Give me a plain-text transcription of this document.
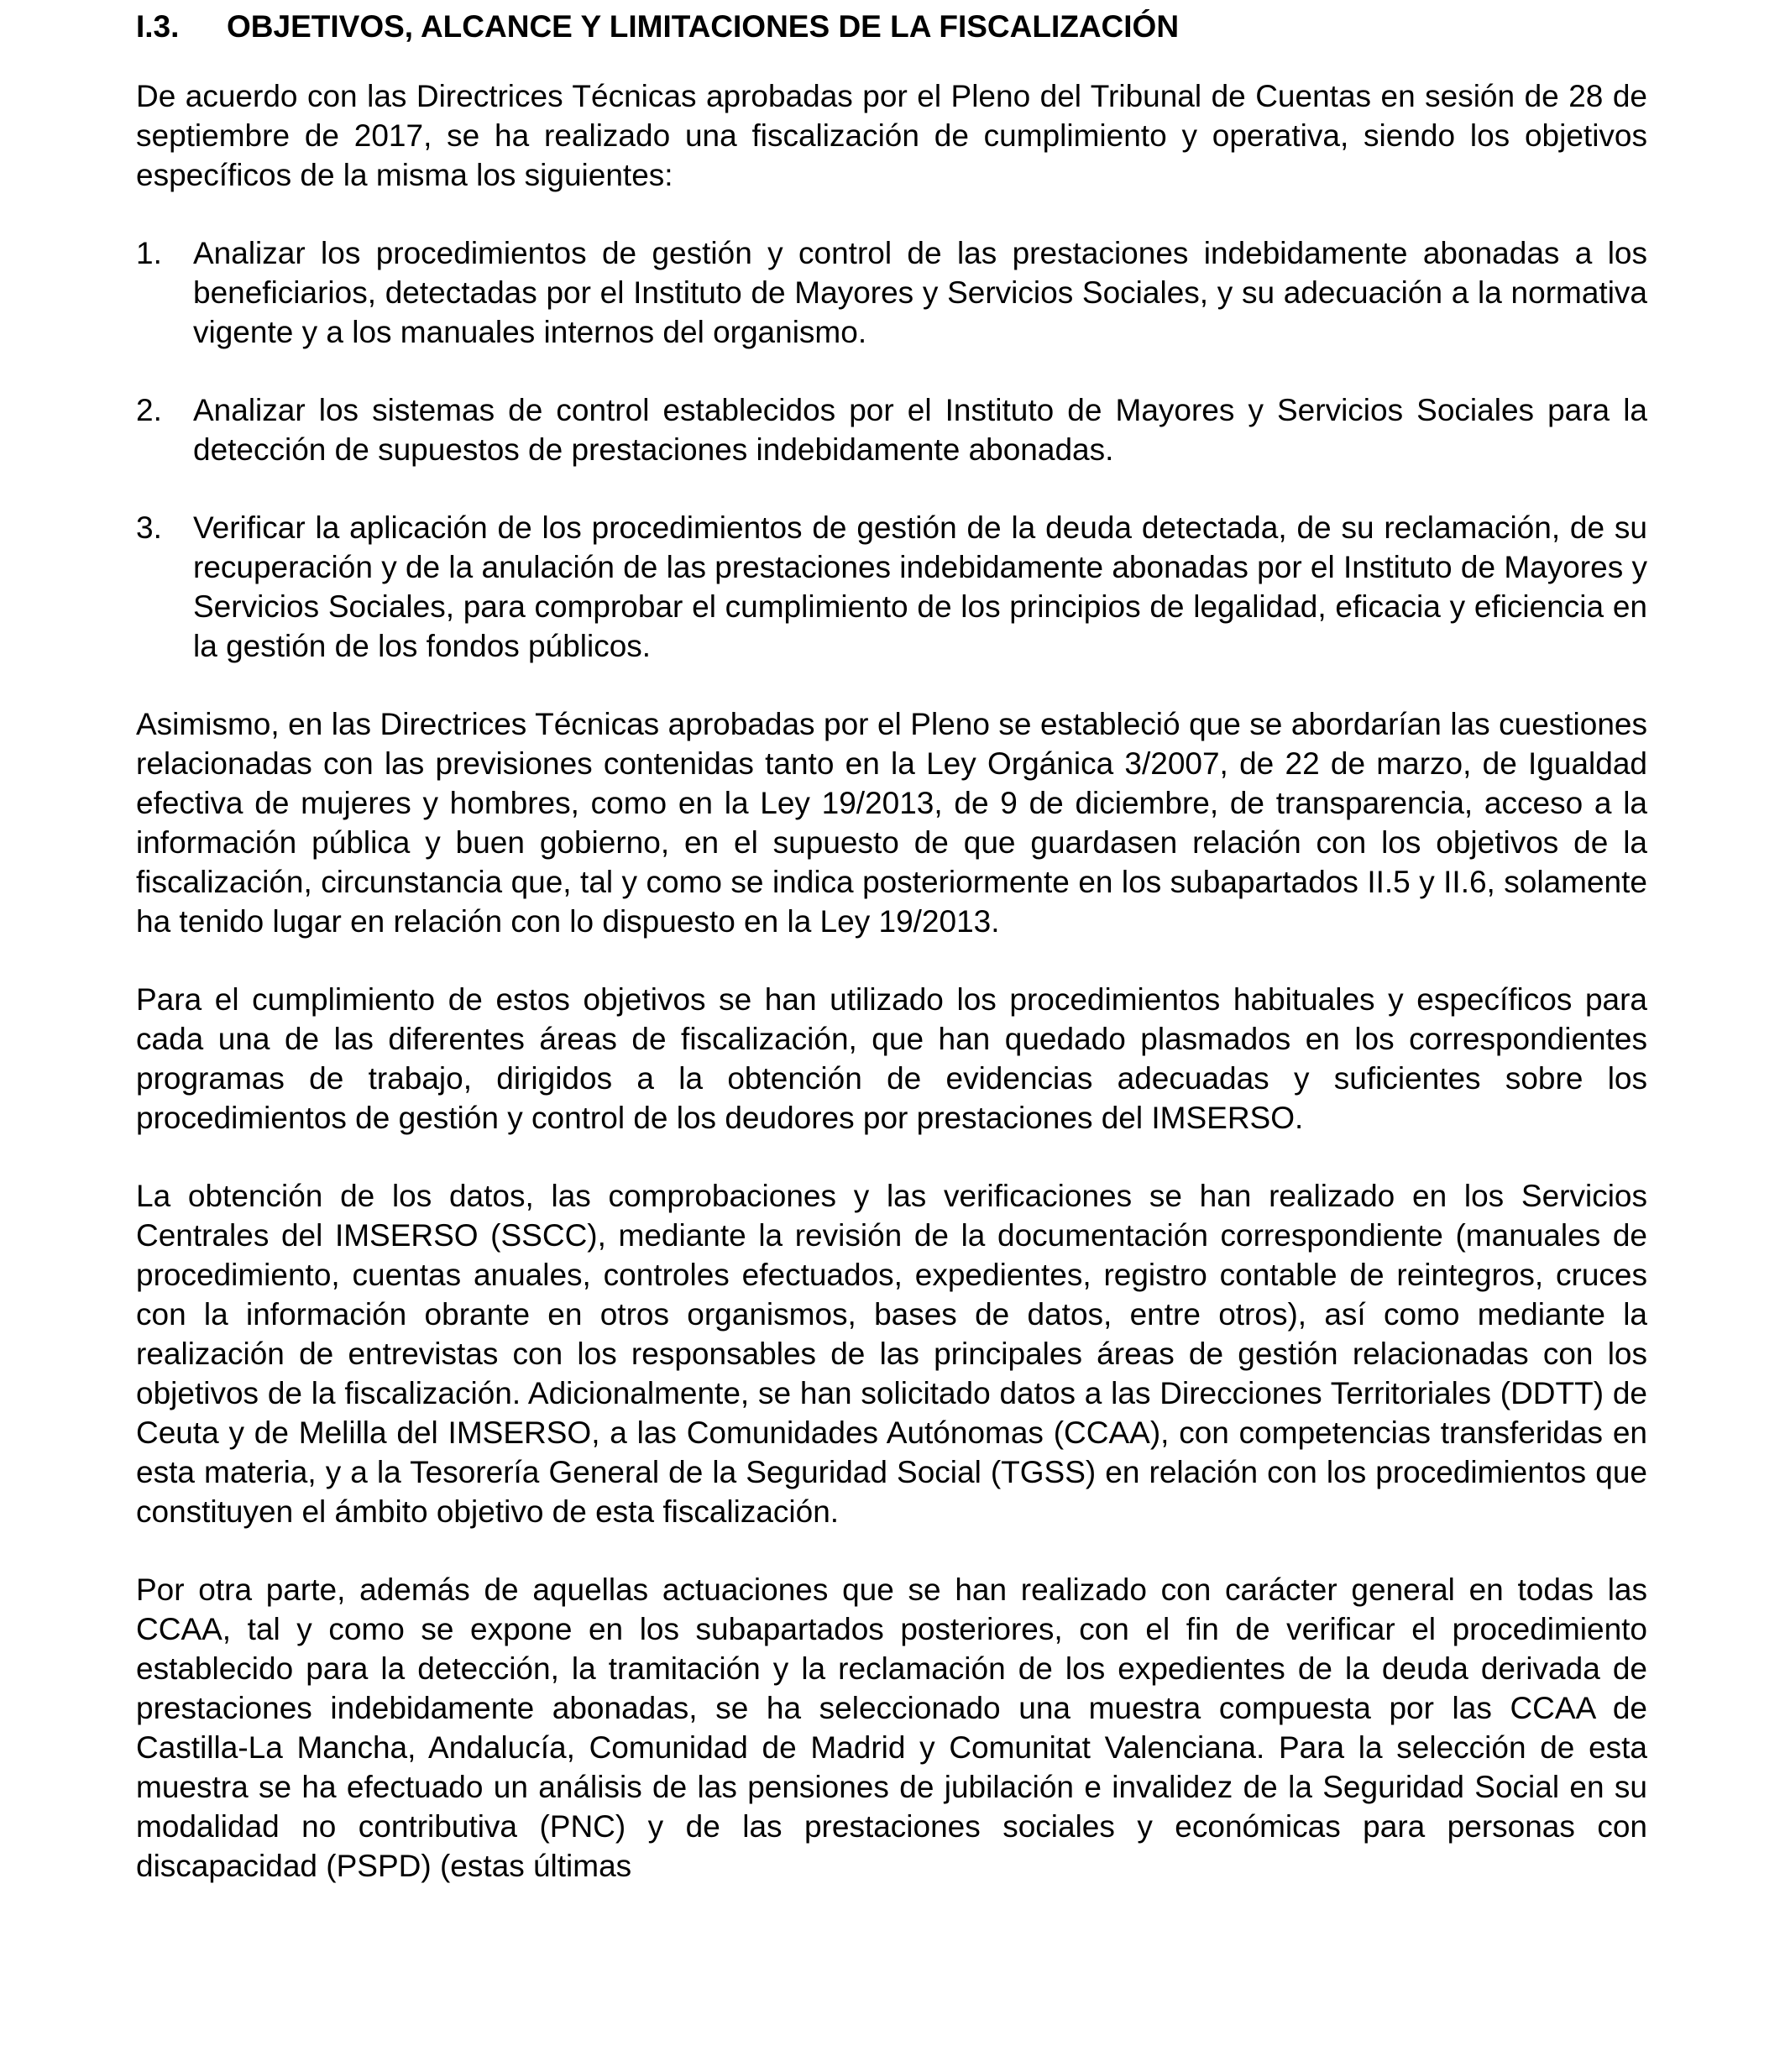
I.3.	OBJETIVOS, ALCANCE Y LIMITACIONES DE LA FISCALIZACIÓN

De acuerdo con las Directrices Técnicas aprobadas por el Pleno del Tribunal de Cuentas en sesión de 28 de septiembre de 2017, se ha realizado una fiscalización de cumplimiento y operativa, siendo los objetivos específicos de la misma los siguientes:

1.	Analizar los procedimientos de gestión y control de las prestaciones indebidamente abonadas a los beneficiarios, detectadas por el Instituto de Mayores y Servicios Sociales, y su adecuación a la normativa vigente y a los manuales internos del organismo.

2.	Analizar los sistemas de control establecidos por el Instituto de Mayores y Servicios Sociales para la detección de supuestos de prestaciones indebidamente abonadas.

3.	Verificar la aplicación de los procedimientos de gestión de la deuda detectada, de su reclamación, de su recuperación y de la anulación de las prestaciones indebidamente abonadas por el Instituto de Mayores y Servicios Sociales, para comprobar el cumplimiento de los principios de legalidad, eficacia y eficiencia en la gestión de los fondos públicos.

Asimismo, en las Directrices Técnicas aprobadas por el Pleno se estableció que se abordarían las cuestiones relacionadas con las previsiones contenidas tanto en la Ley Orgánica 3/2007, de 22 de marzo, de Igualdad efectiva de mujeres y hombres, como en la Ley 19/2013, de 9 de diciembre, de transparencia, acceso a la información pública y buen gobierno, en el supuesto de que guardasen relación con los objetivos de la fiscalización, circunstancia que, tal y como se indica posteriormente en los subapartados II.5 y II.6, solamente ha tenido lugar en relación con lo dispuesto en la Ley 19/2013.

Para el cumplimiento de estos objetivos se han utilizado los procedimientos habituales y específicos para cada una de las diferentes áreas de fiscalización, que han quedado plasmados en los correspondientes programas de trabajo, dirigidos a la obtención de evidencias adecuadas y suficientes sobre los procedimientos de gestión y control de los deudores por prestaciones del IMSERSO.

La obtención de los datos, las comprobaciones y las verificaciones se han realizado en los Servicios Centrales del IMSERSO (SSCC), mediante la revisión de la documentación correspondiente (manuales de procedimiento, cuentas anuales, controles efectuados, expedientes, registro contable de reintegros, cruces con la información obrante en otros organismos, bases de datos, entre otros), así como mediante la realización de entrevistas con los responsables de las principales áreas de gestión relacionadas con los objetivos de la fiscalización. Adicionalmente, se han solicitado datos a las Direcciones Territoriales (DDTT) de Ceuta y de Melilla del IMSERSO, a las Comunidades Autónomas (CCAA), con competencias transferidas en esta materia, y a la Tesorería General de la Seguridad Social (TGSS) en relación con los procedimientos que constituyen el ámbito objetivo de esta fiscalización.

Por otra parte, además de aquellas actuaciones que se han realizado con carácter general en todas las CCAA, tal y como se expone en los subapartados posteriores, con el fin de verificar el procedimiento establecido para la detección, la tramitación y la reclamación de los expedientes de la deuda derivada de prestaciones indebidamente abonadas, se ha seleccionado una muestra compuesta por las CCAA de Castilla-La Mancha, Andalucía, Comunidad de Madrid y Comunitat Valenciana. Para la selección de esta muestra se ha efectuado un análisis de las pensiones de jubilación e invalidez de la Seguridad Social en su modalidad no contributiva (PNC) y de las prestaciones sociales y económicas para personas con discapacidad (PSPD) (estas últimas
